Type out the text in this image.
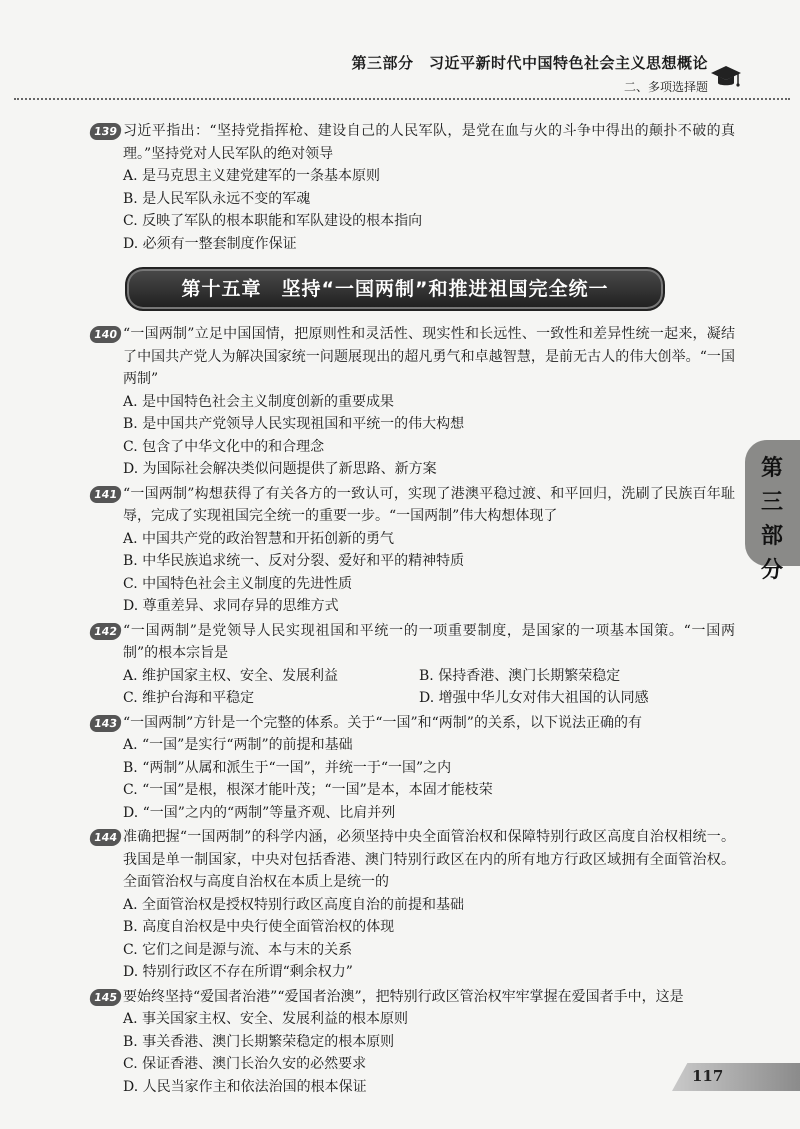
第三部分　习近平新时代中国特色社会主义思想概论
二、多项选择题
第三部分
139 习近平指出：“坚持党指挥枪、建设自己的人民军队，是党在血与火的斗争中得出的颠扑不破的真理。”坚持党对人民军队的绝对领导
A. 是马克思主义建党建军的一条基本原则
B. 是人民军队永远不变的军魂
C. 反映了军队的根本职能和军队建设的根本指向
D. 必须有一整套制度作保证
第十五章　坚持“一国两制”和推进祖国完全统一
140 “一国两制”立足中国国情，把原则性和灵活性、现实性和长远性、一致性和差异性统一起来，凝结了中国共产党人为解决国家统一问题展现出的超凡勇气和卓越智慧，是前无古人的伟大创举。“一国两制”
A. 是中国特色社会主义制度创新的重要成果
B. 是中国共产党领导人民实现祖国和平统一的伟大构想
C. 包含了中华文化中的和合理念
D. 为国际社会解决类似问题提供了新思路、新方案
141 “一国两制”构想获得了有关各方的一致认可，实现了港澳平稳过渡、和平回归，洗刷了民族百年耻辱，完成了实现祖国完全统一的重要一步。“一国两制”伟大构想体现了
A. 中国共产党的政治智慧和开拓创新的勇气
B. 中华民族追求统一、反对分裂、爱好和平的精神特质
C. 中国特色社会主义制度的先进性质
D. 尊重差异、求同存异的思维方式
142 “一国两制”是党领导人民实现祖国和平统一的一项重要制度，是国家的一项基本国策。“一国两制”的根本宗旨是
A. 维护国家主权、安全、发展利益	B. 保持香港、澳门长期繁荣稳定
C. 维护台海和平稳定	D. 增强中华儿女对伟大祖国的认同感
143 “一国两制”方针是一个完整的体系。关于“一国”和“两制”的关系，以下说法正确的有
A. “一国”是实行“两制”的前提和基础
B. “两制”从属和派生于“一国”，并统一于“一国”之内
C. “一国”是根，根深才能叶茂；“一国”是本，本固才能枝荣
D. “一国”之内的“两制”等量齐观、比肩并列
144 准确把握“一国两制”的科学内涵，必须坚持中央全面管治权和保障特别行政区高度自治权相统一。我国是单一制国家，中央对包括香港、澳门特别行政区在内的所有地方行政区域拥有全面管治权。全面管治权与高度自治权在本质上是统一的
A. 全面管治权是授权特别行政区高度自治的前提和基础
B. 高度自治权是中央行使全面管治权的体现
C. 它们之间是源与流、本与末的关系
D. 特别行政区不存在所谓“剩余权力”
145 要始终坚持“爱国者治港”“爱国者治澳”，把特别行政区管治权牢牢掌握在爱国者手中，这是
A. 事关国家主权、安全、发展利益的根本原则
B. 事关香港、澳门长期繁荣稳定的根本原则
C. 保证香港、澳门长治久安的必然要求
D. 人民当家作主和依法治国的根本保证
117
